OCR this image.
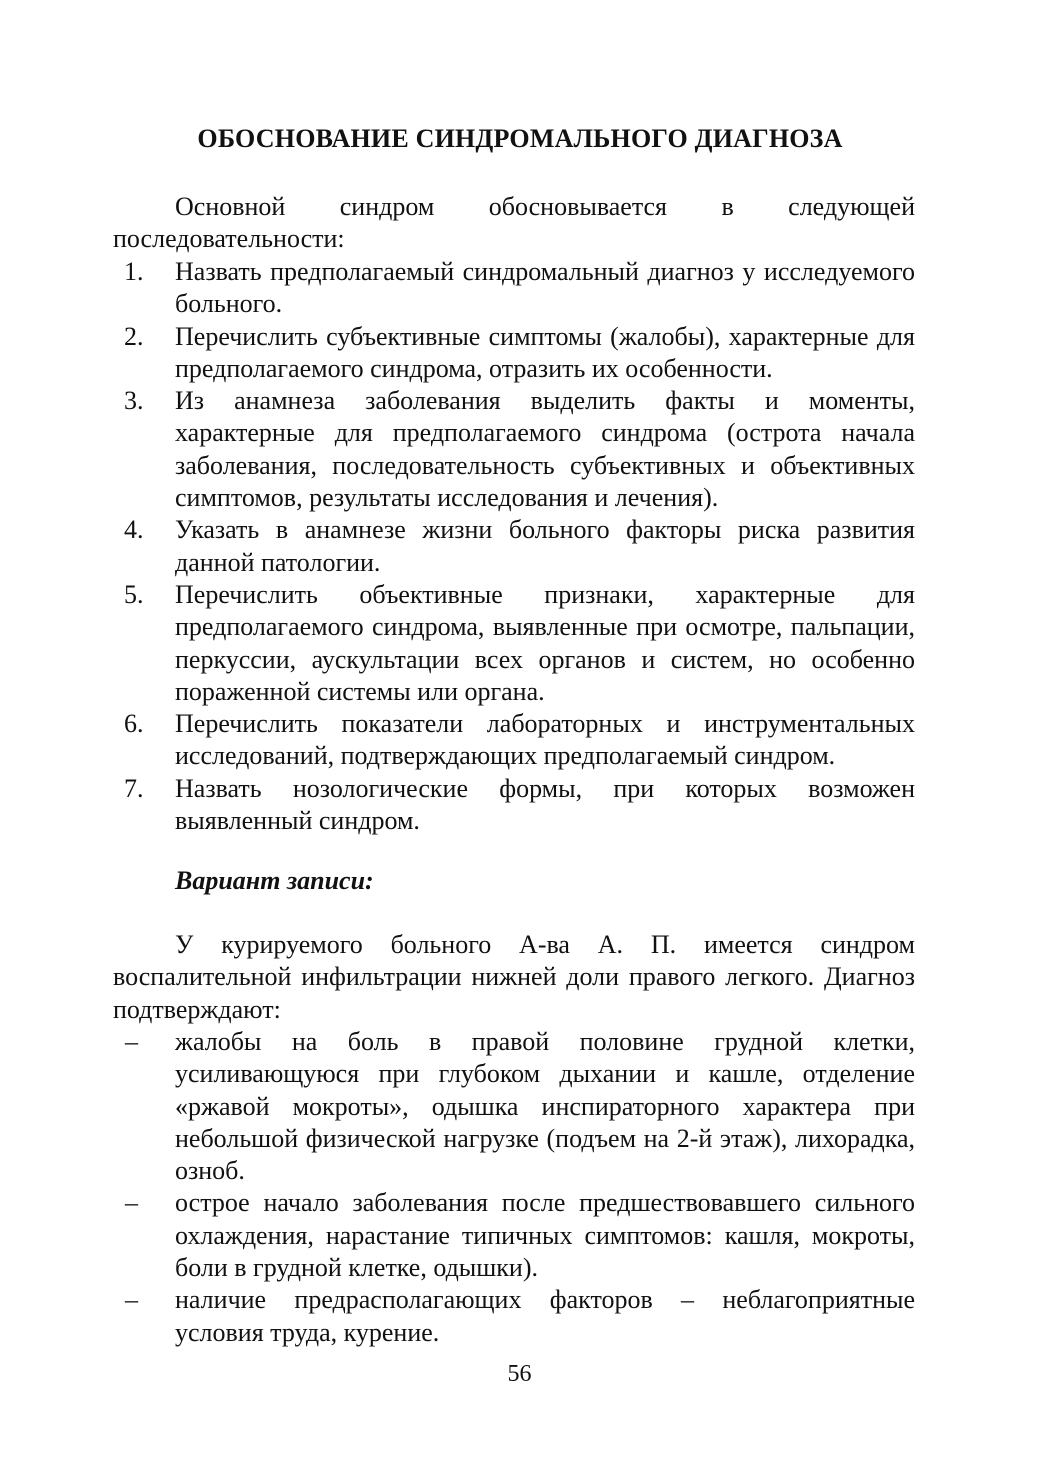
ОБОСНОВАНИЕ СИНДРОМАЛЬНОГО ДИАГНОЗА

Основной синдром обосновывается в следующей последовательности:

1. Назвать предполагаемый синдромальный диагноз у исследуемого больного.
2. Перечислить субъективные симптомы (жалобы), характерные для предполагаемого синдрома, отразить их особенности.
3. Из анамнеза заболевания выделить факты и моменты, характерные для предполагаемого синдрома (острота начала заболевания, последовательность субъективных и объективных симптомов, результаты исследования и лечения).
4. Указать в анамнезе жизни больного факторы риска развития данной патологии.
5. Перечислить объективные признаки, характерные для предполагаемого синдрома, выявленные при осмотре, пальпации, перкуссии, аускультации всех органов и систем, но особенно пораженной системы или органа.
6. Перечислить показатели лабораторных и инструментальных исследований, подтверждающих предполагаемый синдром.
7. Назвать нозологические формы, при которых возможен выявленный синдром.
Вариант записи:

У курируемого больного А-ва А. П. имеется синдром воспалительной инфильтрации нижней доли правого легкого. Диагноз подтверждают:

– жалобы на боль в правой половине грудной клетки, усиливающуюся при глубоком дыхании и кашле, отделение «ржавой мокроты», одышка инспираторного характера при небольшой физической нагрузке (подъем на 2-й этаж), лихорадка, озноб.
– острое начало заболевания после предшествовавшего сильного охлаждения, нарастание типичных симптомов: кашля, мокроты, боли в грудной клетке, одышки).
– наличие предрасполагающих факторов – неблагоприятные условия труда, курение.
56
